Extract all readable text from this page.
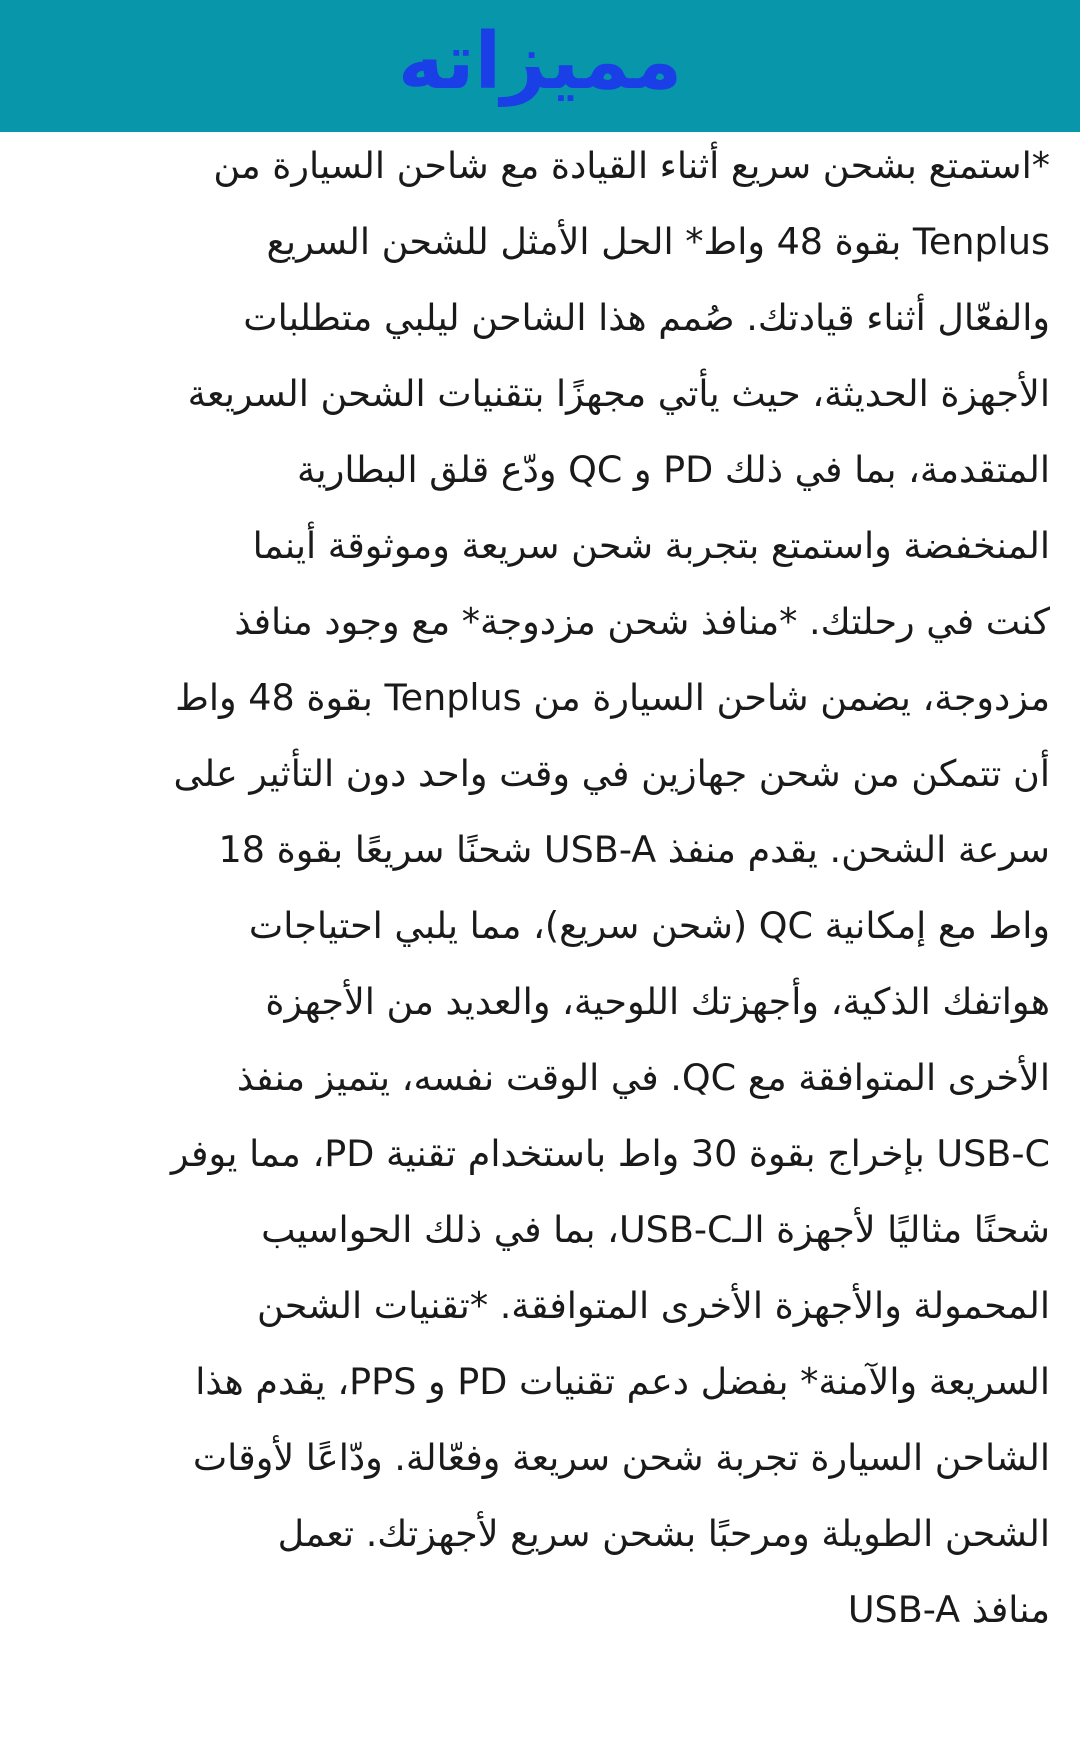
مميزاته
*استمتع بشحن سريع أثناء القيادة مع شاحن السيارة من
Tenplus بقوة 48 واط* الحل الأمثل للشحن السريع
والفعّال أثناء قيادتك. صُمم هذا الشاحن ليلبي متطلبات
الأجهزة الحديثة، حيث يأتي مجهزًا بتقنيات الشحن السريعة
المتقدمة، بما في ذلك PD و QC ودّع قلق البطارية
المنخفضة واستمتع بتجربة شحن سريعة وموثوقة أينما
كنت في رحلتك. *منافذ شحن مزدوجة* مع وجود منافذ
مزدوجة، يضمن شاحن السيارة من Tenplus بقوة 48 واط
أن تتمكن من شحن جهازين في وقت واحد دون التأثير على
سرعة الشحن. يقدم منفذ USB-A شحنًا سريعًا بقوة 18
واط مع إمكانية QC (شحن سريع)، مما يلبي احتياجات
هواتفك الذكية، وأجهزتك اللوحية، والعديد من الأجهزة
الأخرى المتوافقة مع QC. في الوقت نفسه، يتميز منفذ
USB-C بإخراج بقوة 30 واط باستخدام تقنية PD، مما يوفر
شحنًا مثاليًا لأجهزة الـUSB-C، بما في ذلك الحواسيب
المحمولة والأجهزة الأخرى المتوافقة. *تقنيات الشحن
السريعة والآمنة* بفضل دعم تقنيات PD و PPS، يقدم هذا
الشاحن السيارة تجربة شحن سريعة وفعّالة. ودّاعًا لأوقات
الشحن الطويلة ومرحبًا بشحن سريع لأجهزتك. تعمل
منافذ USB-A
